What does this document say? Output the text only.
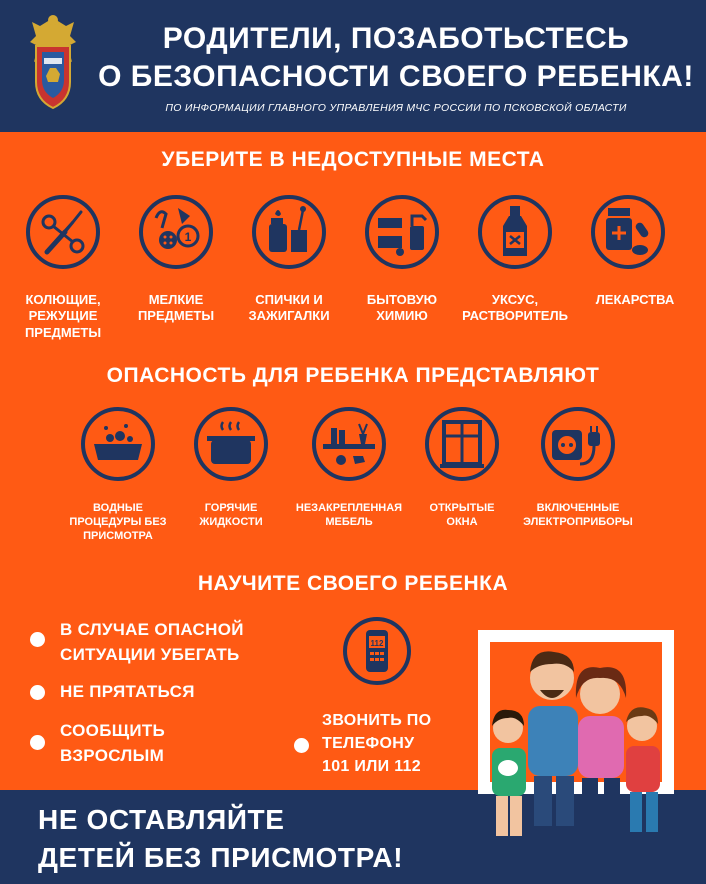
РОДИТЕЛИ, ПОЗАБОТЬСТЕСЬ
О БЕЗОПАСНОСТИ СВОЕГО РЕБЕНКА!
ПО ИНФОРМАЦИИ ГЛАВНОГО УПРАВЛЕНИЯ МЧС РОССИИ ПО ПСКОВСКОЙ ОБЛАСТИ
УБЕРИТЕ В НЕДОСТУПНЫЕ МЕСТА
1
КОЛЮЩИЕ,
РЕЖУЩИЕ
ПРЕДМЕТЫ
МЕЛКИЕ
ПРЕДМЕТЫ
СПИЧКИ И
ЗАЖИГАЛКИ
БЫТОВУЮ
ХИМИЮ
УКСУС,
РАСТВОРИТЕЛЬ
ЛЕКАРСТВА
ОПАСНОСТЬ ДЛЯ РЕБЕНКА ПРЕДСТАВЛЯЮТ
ВОДНЫЕ
ПРОЦЕДУРЫ БЕЗ
ПРИСМОТРА
ГОРЯЧИЕ
ЖИДКОСТИ
НЕЗАКРЕПЛЕННАЯ
МЕБЕЛЬ
ОТКРЫТЫЕ
ОКНА
ВКЛЮЧЕННЫЕ
ЭЛЕКТРОПРИБОРЫ
НАУЧИТЕ СВОЕГО РЕБЕНКА
В СЛУЧАЕ ОПАСНОЙ
СИТУАЦИИ УБЕГАТЬ
НЕ ПРЯТАТЬСЯ
СООБЩИТЬ
ВЗРОСЛЫМ
112
ЗВОНИТЬ ПО
ТЕЛЕФОНУ
101 ИЛИ 112
НЕ ОСТАВЛЯЙТЕ
ДЕТЕЙ БЕЗ ПРИСМОТРА!
